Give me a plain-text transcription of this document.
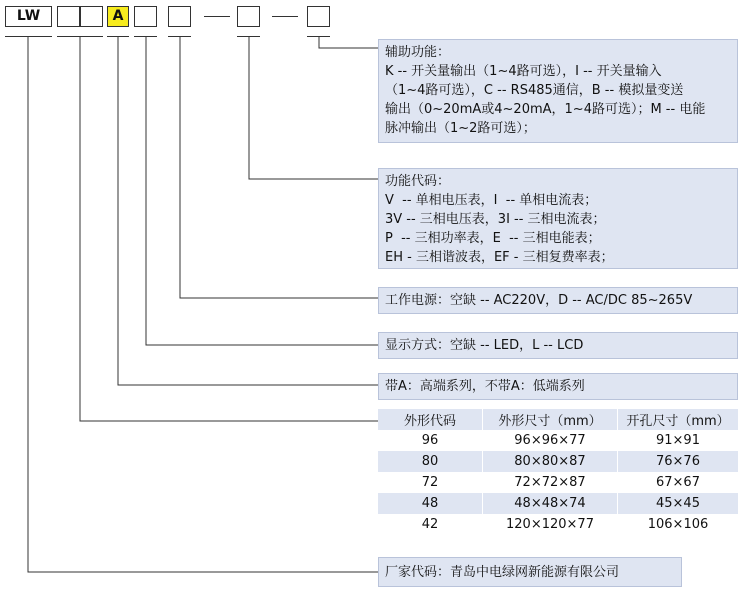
LW	A
辅助功能：
K -- 开关量输出（1~4路可选），I -- 开关量输入
（1~4路可选），C -- RS485通信，B -- 模拟量变送
输出（0~20mA或4~20mA，1~4路可选）；M -- 电能
脉冲输出（1~2路可选）；
功能代码：
V  -- 单相电压表，I  -- 单相电流表；
3V -- 三相电压表，3I -- 三相电流表；
P  -- 三相功率表，E  -- 三相电能表；
EH - 三相谐波表，EF - 三相复费率表；
工作电源：空缺 -- AC220V，D -- AC/DC 85~265V
显示方式：空缺 -- LED，L -- LCD
带A：高端系列，不带A：低端系列
外形代码	外形尺寸（mm）	开孔尺寸（mm）
96	96×96×77	91×91
80	80×80×87	76×76
72	72×72×87	67×67
48	48×48×74	45×45
42	120×120×77	106×106
厂家代码：青岛中电绿网新能源有限公司
